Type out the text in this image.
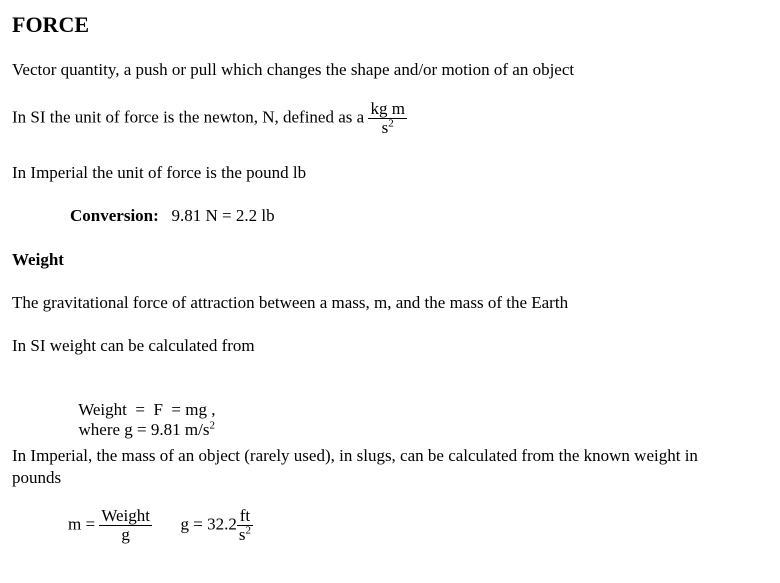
FORCE
Vector quantity, a push or pull which changes the shape and/or motion of an object
In SI the unit of force is the newton, N, defined as a $\frac{\text{kg m}}{s^2}$
In Imperial the unit of force is the pound lb
Conversion: 9.81 N = 2.2 lb
Weight
The gravitational force of attraction between a mass, m, and the mass of the Earth
In SI weight can be calculated from

Weight  =  F  = mg ,
where g = 9.81 $m/s^2$

In Imperial, the mass of an object (rarely used), in slugs, can be calculated from the known weight in pounds
$m = \frac{\text{Weight}}{g}$ $g = 32.2 \frac{ft}{s^2}$
